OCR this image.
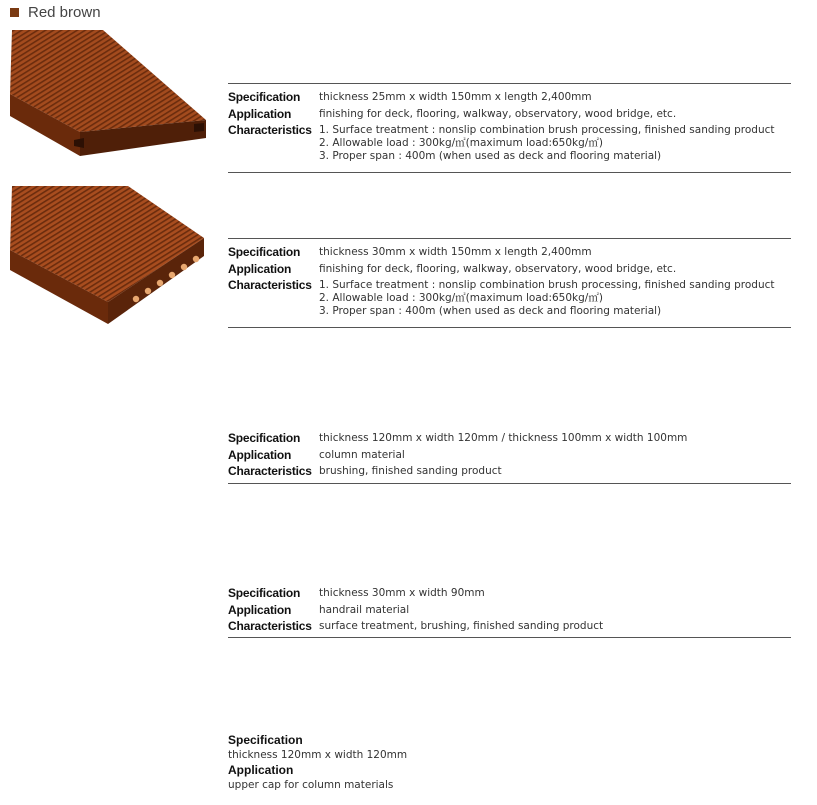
Red brown
Specification	thickness 25mm x width 150mm x length 2,400mm
Application	finishing for deck, flooring, walkway, observatory, wood bridge, etc.
Characteristics 1. Surface treatment : nonslip combination brush processing, finished sanding product
2. Allowable load : 300kg/㎡(maximum load:650kg/㎡)
3. Proper span : 400m (when used as deck and flooring material)
Specification	thickness 30mm x width 150mm x length 2,400mm
Application	finishing for deck, flooring, walkway, observatory, wood bridge, etc.
Characteristics 1. Surface treatment : nonslip combination brush processing, finished sanding product
2. Allowable load : 300kg/㎡(maximum load:650kg/㎡)
3. Proper span : 400m (when used as deck and flooring material)
Specification	thickness 120mm x width 120mm / thickness 100mm x width 100mm
Application	column material
Characteristics brushing, finished sanding product
Specification	thickness 30mm x width 90mm
Application	handrail material
Characteristics surface treatment, brushing, finished sanding product
Specification
thickness 120mm x width 120mm
Application
upper cap for column materials
